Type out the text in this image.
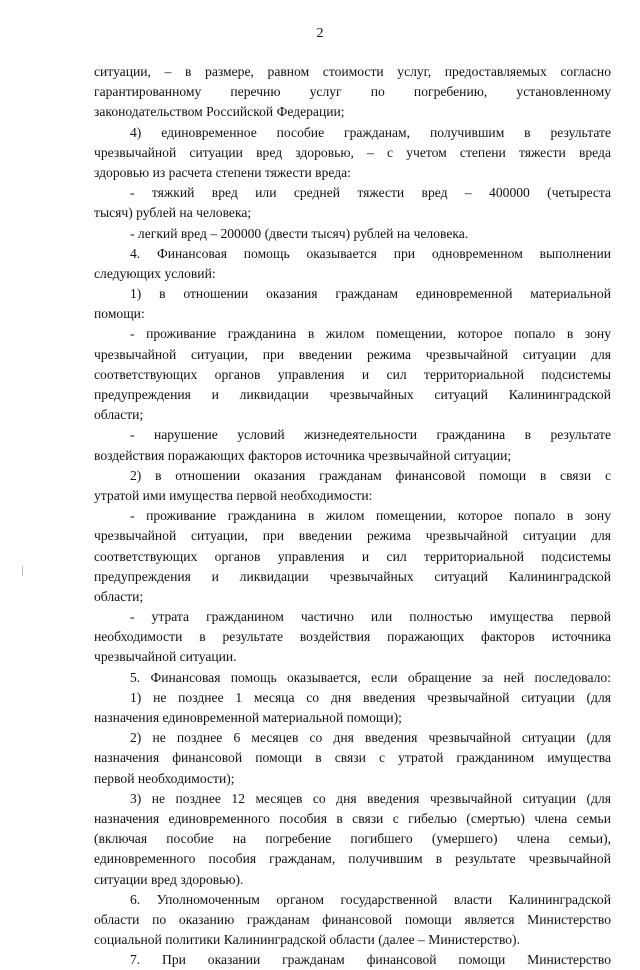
2
ситуации, – в размере, равном стоимости услуг, предоставляемых согласно
гарантированному перечню услуг по погребению, установленному
законодательством Российской Федерации;
4) единовременное пособие гражданам, получившим в результате
чрезвычайной ситуации вред здоровью, – с учетом степени тяжести вреда
здоровью из расчета степени тяжести вреда:
- тяжкий вред или средней тяжести вред – 400000 (четыреста
тысяч) рублей на человека;
- легкий вред – 200000 (двести тысяч) рублей на человека.
4. Финансовая помощь оказывается при одновременном выполнении
следующих условий:
1) в отношении оказания гражданам единовременной материальной
помощи:
- проживание гражданина в жилом помещении, которое попало в зону
чрезвычайной ситуации, при введении режима чрезвычайной ситуации для
соответствующих органов управления и сил территориальной подсистемы
предупреждения и ликвидации чрезвычайных ситуаций Калининградской
области;
- нарушение условий жизнедеятельности гражданина в результате
воздействия поражающих факторов источника чрезвычайной ситуации;
2) в отношении оказания гражданам финансовой помощи в связи с
утратой ими имущества первой необходимости:
- проживание гражданина в жилом помещении, которое попало в зону
чрезвычайной ситуации, при введении режима чрезвычайной ситуации для
соответствующих органов управления и сил территориальной подсистемы
предупреждения и ликвидации чрезвычайных ситуаций Калининградской
области;
- утрата гражданином частично или полностью имущества первой
необходимости в результате воздействия поражающих факторов источника
чрезвычайной ситуации.
5. Финансовая помощь оказывается, если обращение за ней последовало:
1) не позднее 1 месяца со дня введения чрезвычайной ситуации (для
назначения единовременной материальной помощи);
2) не позднее 6 месяцев со дня введения чрезвычайной ситуации (для
назначения финансовой помощи в связи с утратой гражданином имущества
первой необходимости);
3) не позднее 12 месяцев со дня введения чрезвычайной ситуации (для
назначения единовременного пособия в связи с гибелью (смертью) члена семьи
(включая пособие на погребение погибшего (умершего) члена семьи),
единовременного пособия гражданам, получившим в результате чрезвычайной
ситуации вред здоровью).
6. Уполномоченным органом государственной власти Калининградской
области по оказанию гражданам финансовой помощи является Министерство
социальной политики Калининградской области (далее – Министерство).
7. При оказании гражданам финансовой помощи Министерство
